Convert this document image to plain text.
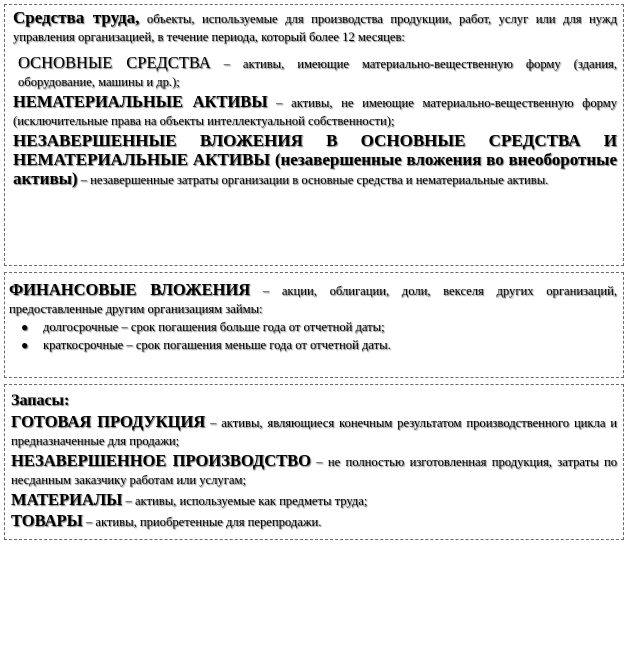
Средства труда, объекты, используемые для производства продукции, работ, услуг или для нужд управления организацией, в течение периода, который более 12 месяцев:

ОСНОВНЫЕ СРЕДСТВА – активы, имеющие материально-вещественную форму (здания, оборудование, машины и др.);

НЕМАТЕРИАЛЬНЫЕ АКТИВЫ – активы, не имеющие материально-вещественную форму (исключительные права на объекты интеллектуальной собственности);

НЕЗАВЕРШЕННЫЕ ВЛОЖЕНИЯ В ОСНОВНЫЕ СРЕДСТВА И НЕМАТЕРИАЛЬНЫЕ АКТИВЫ (незавершенные вложения во внеоборотные активы) – незавершенные затраты организации в основные средства и нематериальные активы.

ФИНАНСОВЫЕ ВЛОЖЕНИЯ – акции, облигации, доли, векселя других организаций, предоставленные другим организациям займы:

● долгосрочные – срок погашения больше года от отчетной даты;
● краткосрочные – срок погашения меньше года от отчетной даты.

Запасы:

ГОТОВАЯ ПРОДУКЦИЯ – активы, являющиеся конечным результатом производственного цикла и предназначенные для продажи;

НЕЗАВЕРШЕННОЕ ПРОИЗВОДСТВО – не полностью изготовленная продукция, затраты по несданным заказчику работам или услугам;

МАТЕРИАЛЫ – активы, используемые как предметы труда;

ТОВАРЫ – активы, приобретенные для перепродажи.
